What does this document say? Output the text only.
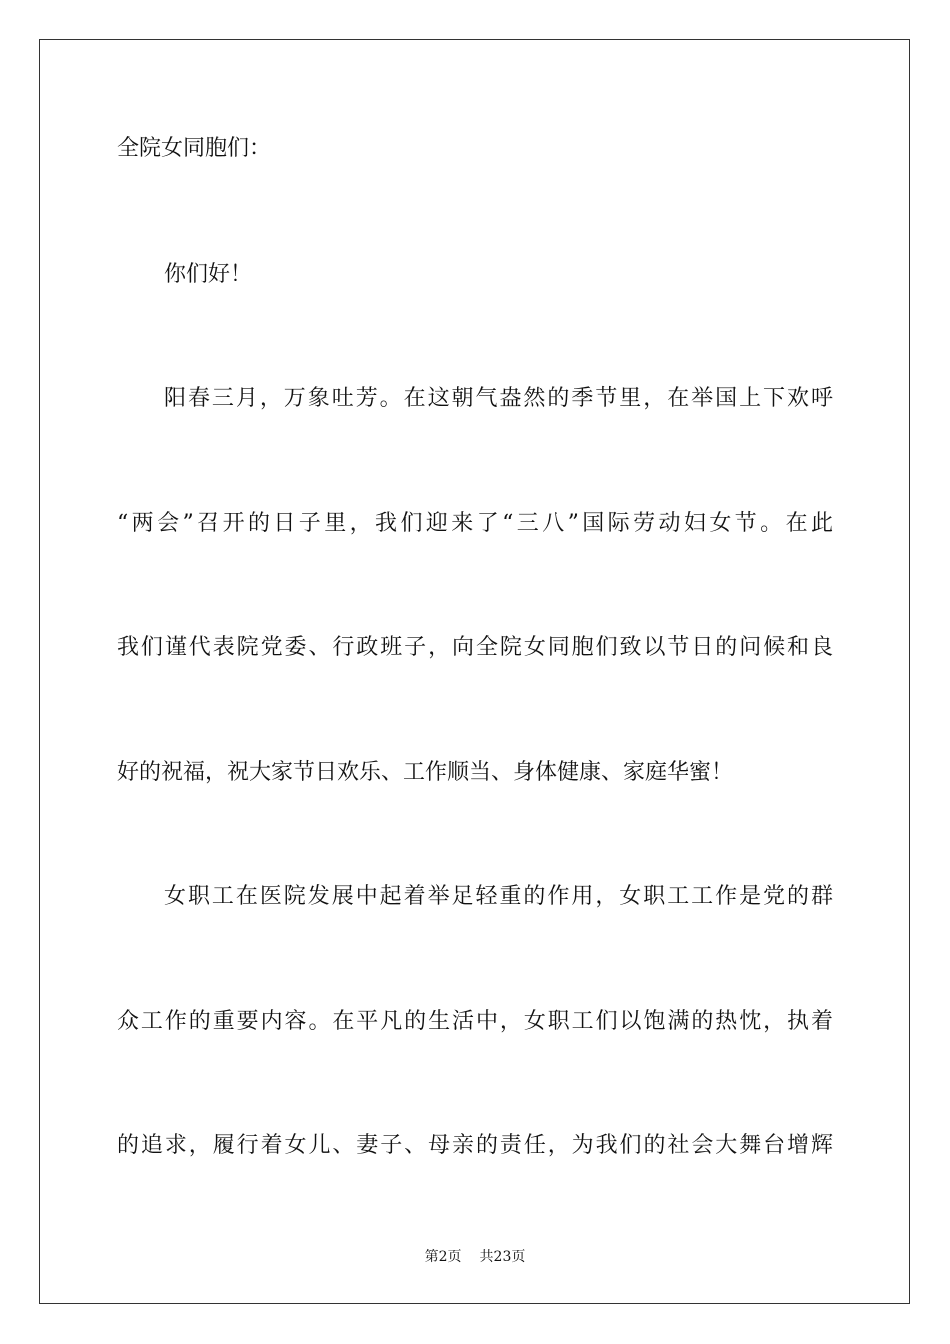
全院女同胞们：
你们好！
阳春三月，万象吐芳。在这朝气盎然的季节里，在举国上下欢呼
“两会”召开的日子里，我们迎来了“三八”国际劳动妇女节。在此
我们谨代表院党委、行政班子，向全院女同胞们致以节日的问候和良
好的祝福，祝大家节日欢乐、工作顺当、身体健康、家庭华蜜！
女职工在医院发展中起着举足轻重的作用，女职工工作是党的群
众工作的重要内容。在平凡的生活中，女职工们以饱满的热忱，执着
的追求，履行着女儿、妻子、母亲的责任，为我们的社会大舞台增辉
第2页 共23页
